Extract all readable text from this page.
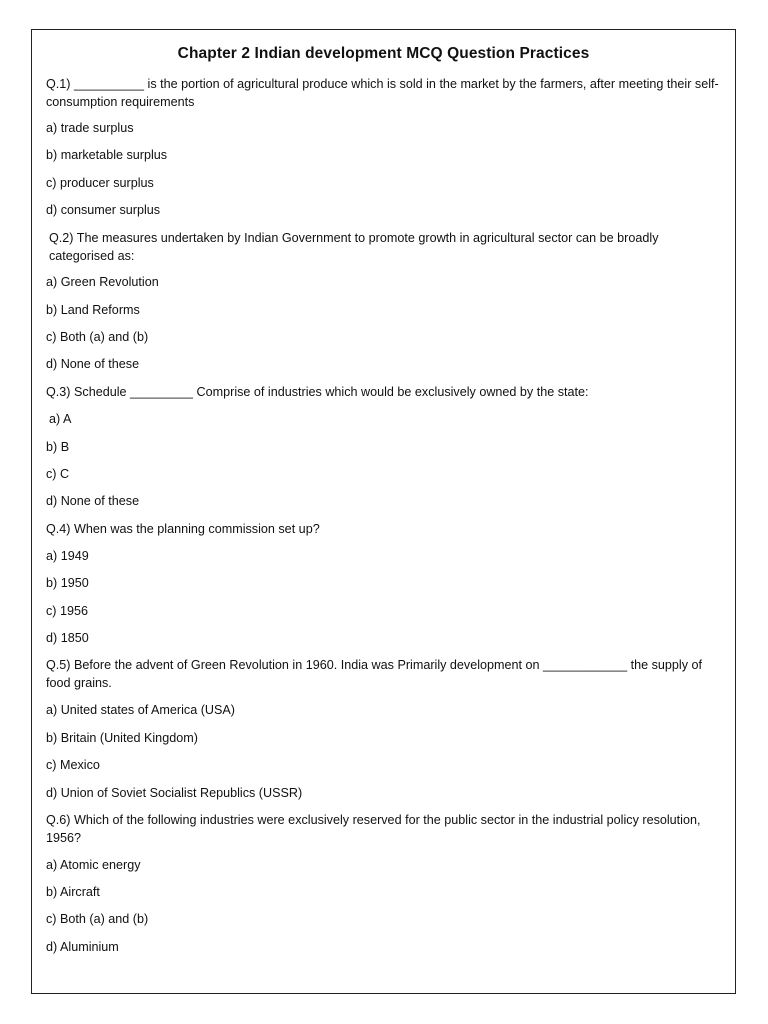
Chapter 2 Indian development MCQ Question Practices
Q.1) __________ is the portion of agricultural produce which is sold in the market by the farmers, after meeting their self-consumption requirements
a) trade surplus
b) marketable surplus
c) producer surplus
d) consumer surplus
Q.2) The measures undertaken by Indian Government to promote growth in agricultural sector can be broadly categorised as:
a) Green Revolution
b) Land Reforms
c) Both (a) and (b)
d) None of these
Q.3) Schedule _________ Comprise of industries which would be exclusively owned by the state:
a) A
b) B
c) C
d) None of these
Q.4) When was the planning commission set up?
a) 1949
b) 1950
c) 1956
d) 1850
Q.5) Before the advent of Green Revolution in 1960. India was Primarily development on ____________ the supply of food grains.
a) United states of America (USA)
b) Britain (United Kingdom)
c) Mexico
d) Union of Soviet Socialist Republics (USSR)
Q.6) Which of the following industries were exclusively reserved for the public sector in the industrial policy resolution, 1956?
a) Atomic energy
b) Aircraft
c) Both (a) and (b)
d) Aluminium
